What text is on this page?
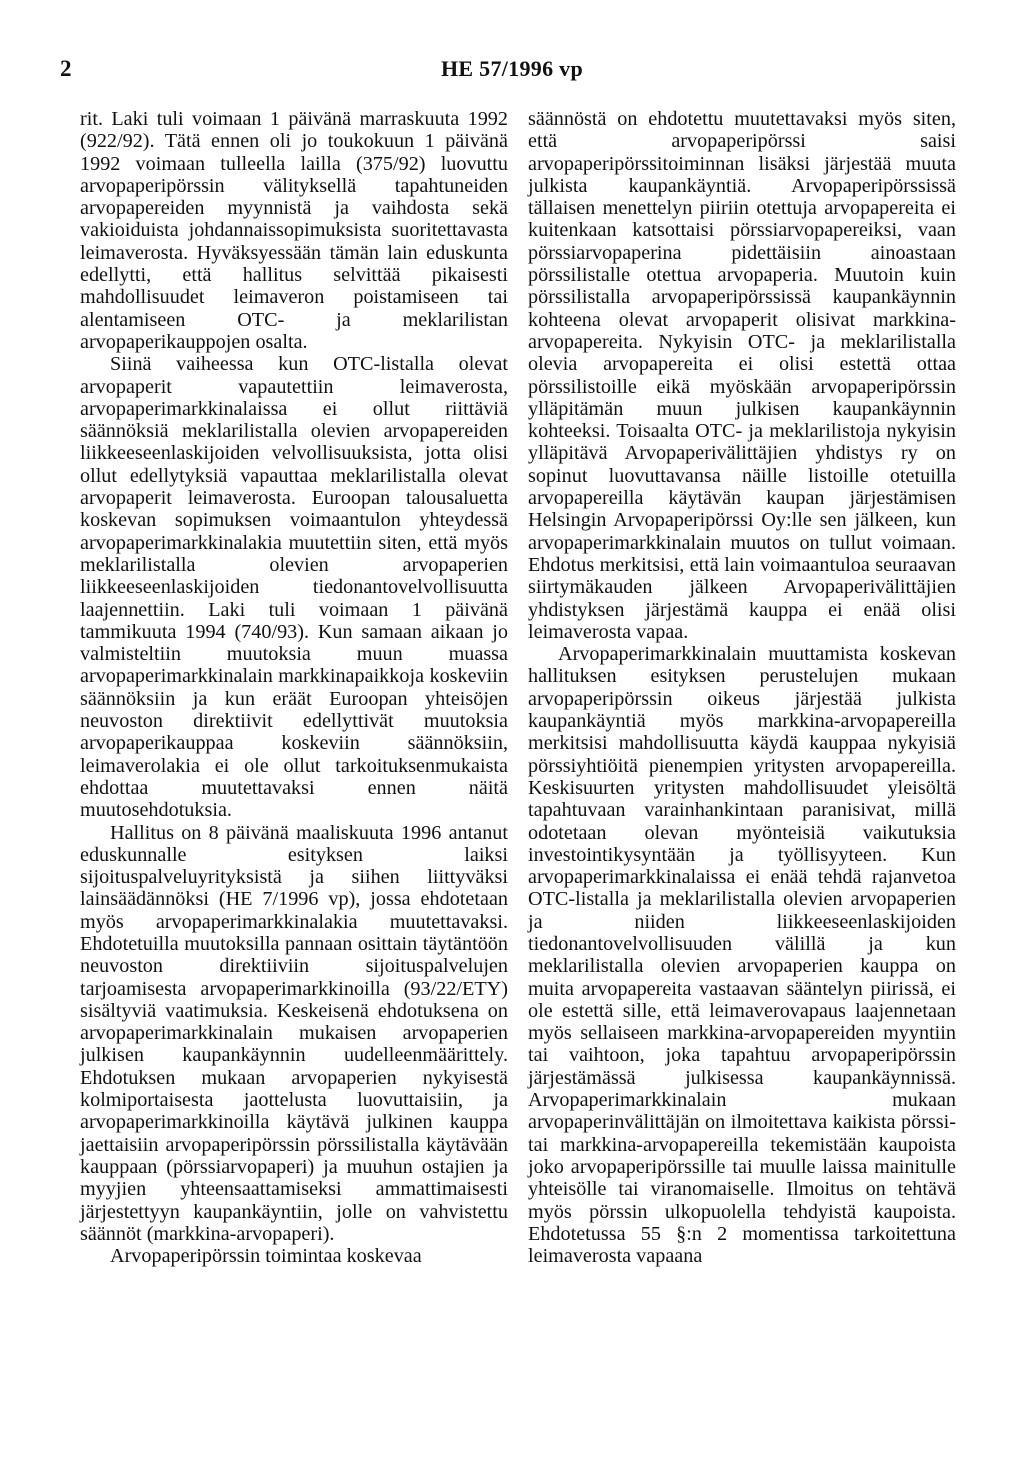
2	HE 57/1996 vp

rit. Laki tuli voimaan 1 päivänä marraskuuta 1992 (922/92). Tätä ennen oli jo toukokuun 1 päivänä 1992 voimaan tulleella lailla (375/92) luovuttu arvopaperipörssin välityksellä tapahtuneiden arvopapereiden myynnistä ja vaihdosta sekä vakioiduista johdannaissopimuksista suoritettavasta leimaverosta. Hyväksyessään tämän lain eduskunta edellytti, että hallitus selvittää pikaisesti mahdollisuudet leimaveron poistamiseen tai alentamiseen OTC- ja meklarilistan arvopaperikauppojen osalta.

Siinä vaiheessa kun OTC-listalla olevat arvopaperit vapautettiin leimaverosta, arvopaperimarkkinalaissa ei ollut riittäviä säännöksiä meklarilistalla olevien arvopapereiden liikkeeseenlaskijoiden velvollisuuksista, jotta olisi ollut edellytyksiä vapauttaa meklarilistalla olevat arvopaperit leimaverosta. Euroopan talousaluetta koskevan sopimuksen voimaantulon yhteydessä arvopaperimarkkinalakia muutettiin siten, että myös meklarilistalla olevien arvopaperien liikkeeseenlaskijoiden tiedonantovelvollisuutta laajennettiin. Laki tuli voimaan 1 päivänä tammikuuta 1994 (740/93). Kun samaan aikaan jo valmisteltiin muutoksia muun muassa arvopaperimarkkinalain markkinapaikkoja koskeviin säännöksiin ja kun eräät Euroopan yhteisöjen neuvoston direktiivit edellyttivät muutoksia arvopaperikauppaa koskeviin säännöksiin, leimaverolakia ei ole ollut tarkoituksenmukaista ehdottaa muutettavaksi ennen näitä muutosehdotuksia.

Hallitus on 8 päivänä maaliskuuta 1996 antanut eduskunnalle esityksen laiksi sijoituspalveluyrityksistä ja siihen liittyväksi lainsäädännöksi (HE 7/1996 vp), jossa ehdotetaan myös arvopaperimarkkinalakia muutettavaksi. Ehdotetuilla muutoksilla pannaan osittain täytäntöön neuvoston direktiiviin sijoituspalvelujen tarjoamisesta arvopaperimarkkinoilla (93/22/ETY) sisältyviä vaatimuksia. Keskeisenä ehdotuksena on arvopaperimarkkinalain mukaisen arvopaperien julkisen kaupankäynnin uudelleenmäärittely. Ehdotuksen mukaan arvopaperien nykyisestä kolmiportaisesta jaottelusta luovuttaisiin, ja arvopaperimarkkinoilla käytävä julkinen kauppa jaettaisiin arvopaperipörssin pörssilistalla käytävään kauppaan (pörssiarvopaperi) ja muuhun ostajien ja myyjien yhteensaattamiseksi ammattimaisesti järjestettyyn kaupankäyntiin, jolle on vahvistettu säännöt (markkina-arvopaperi).

Arvopaperipörssin toimintaa koskevaa

säännöstä on ehdotettu muutettavaksi myös siten, että arvopaperipörssi saisi arvopaperipörssitoiminnan lisäksi järjestää muuta julkista kaupankäyntiä. Arvopaperipörssissä tällaisen menettelyn piiriin otettuja arvopapereita ei kuitenkaan katsottaisi pörssiarvopapereiksi, vaan pörssiarvopaperina pidettäisiin ainoastaan pörssilistalle otettua arvopaperia. Muutoin kuin pörssilistalla arvopaperipörssissä kaupankäynnin kohteena olevat arvopaperit olisivat markkina-arvopapereita. Nykyisin OTC- ja meklarilistalla olevia arvopapereita ei olisi estettä ottaa pörssilistoille eikä myöskään arvopaperipörssin ylläpitämän muun julkisen kaupankäynnin kohteeksi. Toisaalta OTC- ja meklarilistoja nykyisin ylläpitävä Arvopaperivälittäjien yhdistys ry on sopinut luovuttavansa näille listoille otetuilla arvopapereilla käytävän kaupan järjestämisen Helsingin Arvopaperipörssi Oy:lle sen jälkeen, kun arvopaperimarkkinalain muutos on tullut voimaan. Ehdotus merkitsisi, että lain voimaantuloa seuraavan siirtymäkauden jälkeen Arvopaperivälittäjien yhdistyksen järjestämä kauppa ei enää olisi leimaverosta vapaa.

Arvopaperimarkkinalain muuttamista koskevan hallituksen esityksen perustelujen mukaan arvopaperipörssin oikeus järjestää julkista kaupankäyntiä myös markkina-arvopapereilla merkitsisi mahdollisuutta käydä kauppaa nykyisiä pörssiyhtiöitä pienempien yritysten arvopapereilla. Keskisuurten yritysten mahdollisuudet yleisöltä tapahtuvaan varainhankintaan paranisivat, millä odotetaan olevan myönteisiä vaikutuksia investointikysyntään ja työllisyyteen. Kun arvopaperimarkkinalaissa ei enää tehdä rajanvetoa OTC-listalla ja meklarilistalla olevien arvopaperien ja niiden liikkeeseenlaskijoiden tiedonantovelvollisuuden välillä ja kun meklarilistalla olevien arvopaperien kauppa on muita arvopapereita vastaavan sääntelyn piirissä, ei ole estettä sille, että leimaverovapaus laajennetaan myös sellaiseen markkina-arvopapereiden myyntiin tai vaihtoon, joka tapahtuu arvopaperipörssin järjestämässä julkisessa kaupankäynnissä. Arvopaperimarkkinalain mukaan arvopaperinvälittäjän on ilmoitettava kaikista pörssi- tai markkina-arvopapereilla tekemistään kaupoista joko arvopaperipörssille tai muulle laissa mainitulle yhteisölle tai viranomaiselle. Ilmoitus on tehtävä myös pörssin ulkopuolella tehdyistä kaupoista. Ehdotetussa 55 §:n 2 momentissa tarkoitettuna leimaverosta vapaana
